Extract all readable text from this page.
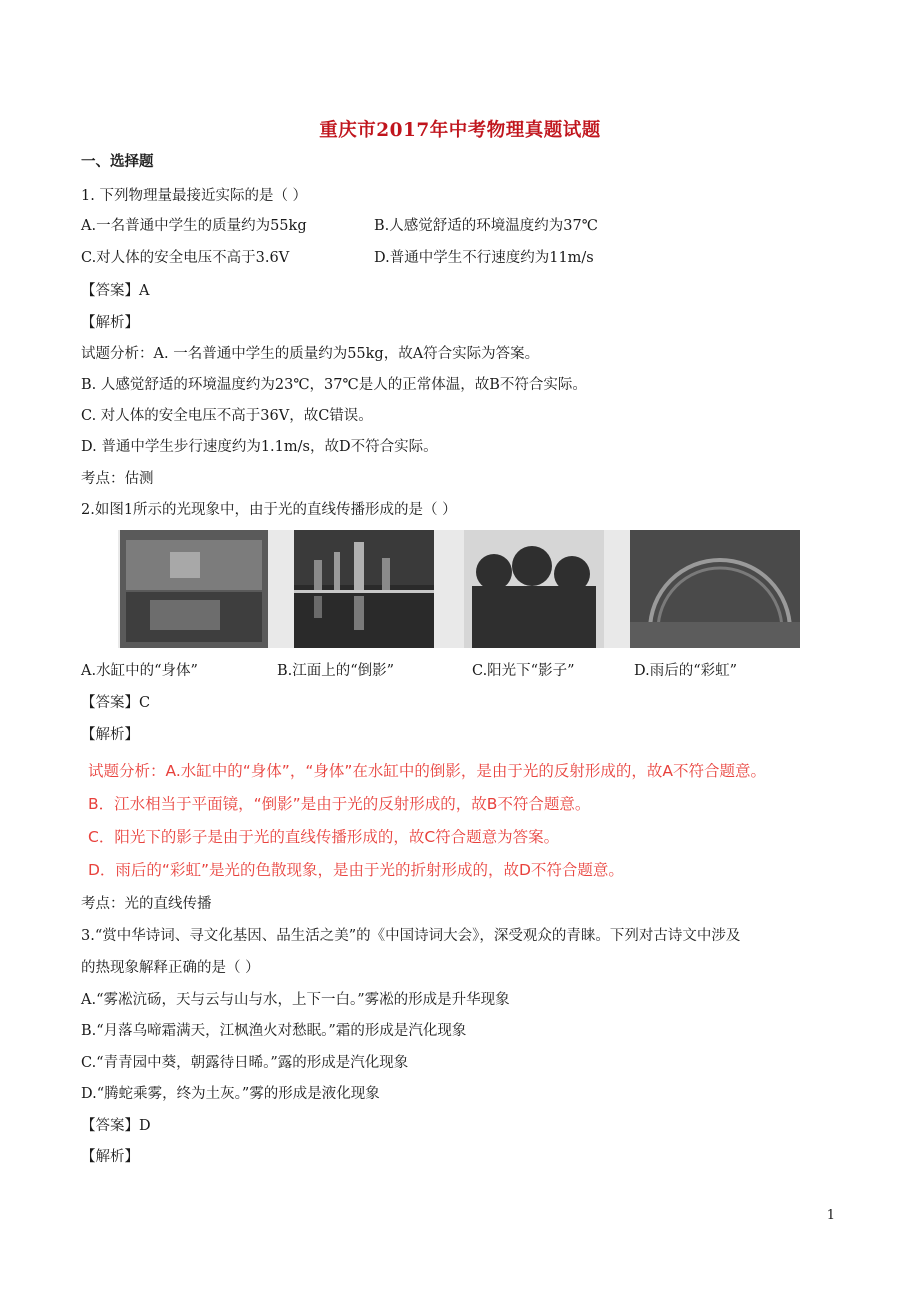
重庆市2017年中考物理真题试题
一、选择题
1. 下列物理量最接近实际的是（ ）
A.一名普通中学生的质量约为55kg	B.人感觉舒适的环境温度约为37℃
C.对人体的安全电压不高于3.6V	D.普通中学生不行速度约为11m/s
【答案】A
【解析】
试题分析：A. 一名普通中学生的质量约为55kg，故A符合实际为答案。
B. 人感觉舒适的环境温度约为23℃，37℃是人的正常体温，故B不符合实际。
C. 对人体的安全电压不高于36V，故C错误。
D. 普通中学生步行速度约为1.1m/s，故D不符合实际。
考点：估测
2.如图1所示的光现象中，由于光的直线传播形成的是（ ）
A.水缸中的“身体”	B.江面上的“倒影”	C.阳光下“影子”	D.雨后的“彩虹”
【答案】C
【解析】
试题分析：A.水缸中的“身体”，“身体”在水缸中的倒影，是由于光的反射形成的，故A不符合题意。
B．江水相当于平面镜，“倒影”是由于光的反射形成的，故B不符合题意。
C．阳光下的影子是由于光的直线传播形成的，故C符合题意为答案。
D．雨后的“彩虹”是光的色散现象，是由于光的折射形成的，故D不符合题意。
考点：光的直线传播
3.“赏中华诗词、寻文化基因、品生活之美”的《中国诗词大会》，深受观众的青睐。下列对古诗文中涉及
的热现象解释正确的是（ ）
A.“雾凇沆砀，天与云与山与水，上下一白。”雾凇的形成是升华现象
B.“月落乌啼霜满天，江枫渔火对愁眠。”霜的形成是汽化现象
C.“青青园中葵，朝露待日晞。”露的形成是汽化现象
D.“腾蛇乘雾，终为土灰。”雾的形成是液化现象
【答案】D
【解析】
1
